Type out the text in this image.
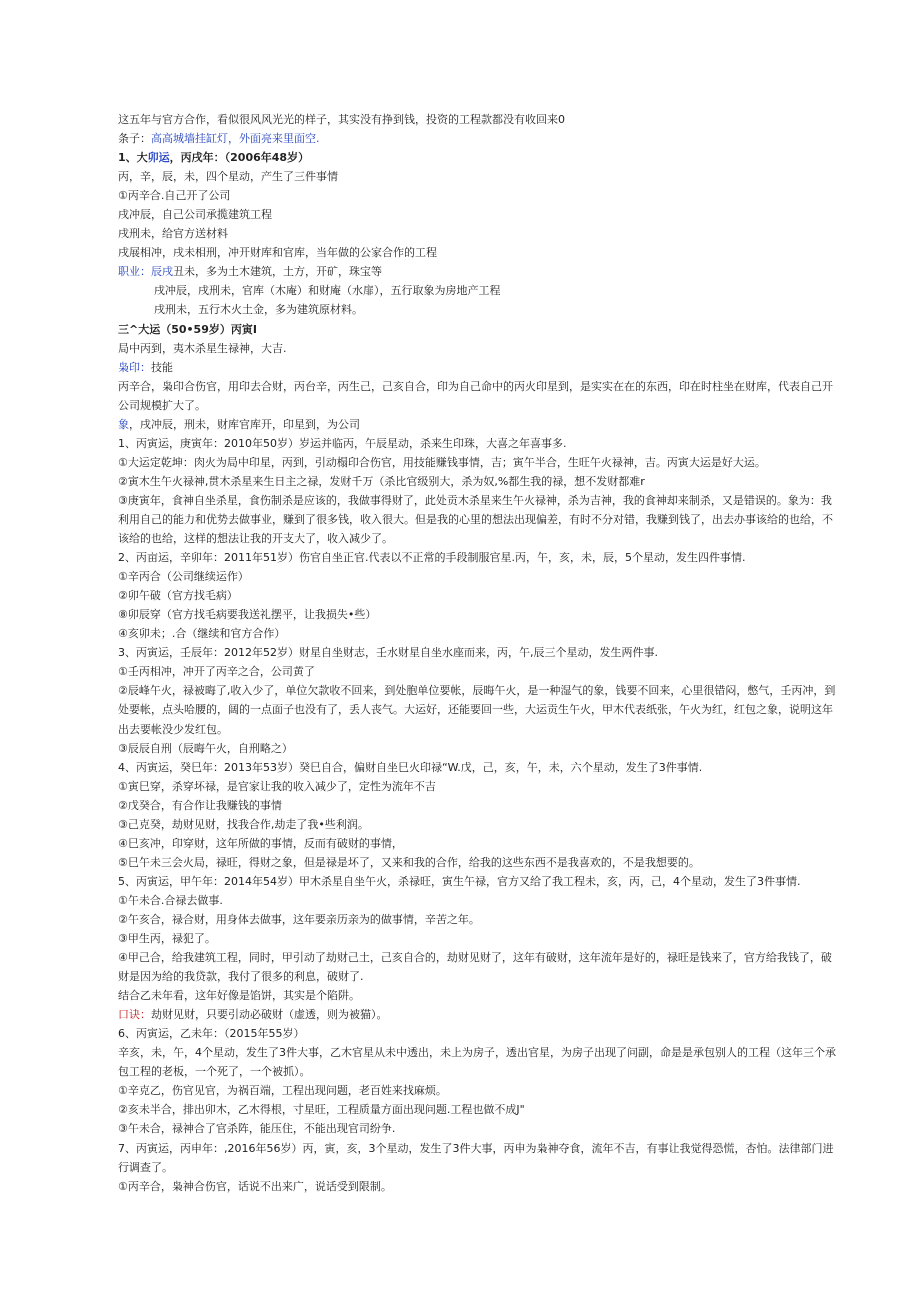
这五年与官方合作，看似很风风光光的样子，其实没有挣到钱，投资的工程款都没有收回来0
条子：高高城墙挂缸灯，外面亮来里面空.
1、大卯运，丙戌年：（2006年48岁）
丙，辛，辰，未，四个星动，产生了三件事情
①丙辛合.自己开了公司
戌冲辰，自己公司承揽建筑工程
戌刑未，给官方送材料
戌展相冲，戌未相刑，冲开财库和官库，当年做的公家合作的工程
职业：辰戌丑未，多为土木建筑，土方，开矿，珠宝等
戌冲辰，戌刑未，官库（木庵）和财庵（水扉），五行取象为房地产工程
戌刑未，五行木火土金，多为建筑原材料。
三^大运（50•59岁）丙寅I
局中丙到，夷木杀星生禄神，大吉.
枭印：技能
丙辛合，枭印合伤官，用印去合财，丙台辛，丙生己，己亥自合，印为自己命中的丙火印星到，是实实在在的东西，印在时柱坐在财库，代表自己开公司规模扩大了。
象，戌冲辰，刑未，财库官库开，印星到，为公司
1、丙寅运，庚寅年：2010年50岁）岁运并临丙，午辰星动，杀来生印珠，大喜之年喜事多.
①大运定乾坤：肉火为局中印星，丙到，引动榻印合伤官，用技能赚钱事情，吉；寅午半合，生旺午火禄神，吉。丙寅大运是好大运。
②寅木生午火禄神,贯木杀星来生日主之禄，发财千万（杀比官级别大，杀为奴,%都生我的禄，想不发财都难r
③庚寅年，食神自坐杀星，食伤制杀是应该的，我做事得财了，此处贡木杀星来生午火禄神，杀为吉神，我的食神却来制杀，又是错误的。象为：我利用自己的能力和优势去做事业，赚到了很多钱，收入很大。但是我的心里的想法出现偏差，有时不分对错，我赚到钱了，出去办事该给的也给，不该给的也给，这样的想法让我的开支大了，收入减少了。
2、丙亩运，辛卯年：2011年51岁）伤官自坐正官.代表以不正常的手段制服官星.丙，午，亥，未，辰，5个星动，发生四件事情.
①辛丙合（公司继续运作）
②卯午破（官方找毛病）
⑧卯辰穿（官方找毛病要我送礼摆平，让我损失•些）
④亥卯未；.合（继续和官方合作）
3、丙寅运，壬辰年：2012年52岁）财星自坐财志，壬水财星自坐水座而来，丙，午,辰三个星动，发生两件事.
①壬丙相冲，冲开了丙辛之合，公司黄了
②辰峰午火，禄被晦了,收入少了，单位欠款收不回来，到处胞单位要帐，辰晦午火，是一种湿气的象，钱要不回来，心里很错闷，憋气，壬丙冲，到处要帐，点头哈腰的，阔的一点面子也没有了，丢人丧气。大运好，还能要回一些，大运贡生午火，甲木代表纸张，午火为红，红包之象，说明这年出去要帐没少发红包。
③辰辰自刑（辰晦午火，自刑略之）
4、丙寅运，癸巳年：2013年53岁）癸巳自合，偏财自坐巳火印禄“W.戊，己，亥，午，未，六个星动，发生了3件事情.
①寅巳穿，杀穿坏禄，是官家让我的收入减少了，定性为流年不吉
②戊癸合，有合作让我赚钱的事情
③己克癸，劫财见财，找我合作,劫走了我•些利润。
④巳亥冲，印穿财，这年所做的事情，反而有破财的事情，
⑤巳午未三会火局，禄旺，得财之象，但是禄是坏了，又来和我的合作，给我的这些东西不是我喜欢的，不是我想要的。
5、丙寅运，甲午年：2014年54岁）甲木杀星自坐午火，杀禄旺，寅生午禄，官方又给了我工程未，亥，丙，己，4个星动，发生了3件事情.
①午未合.合禄去做事.
②午亥合，禄合财，用身体去做事，这年要亲历亲为的做事情，辛苦之年。
③甲生丙，禄犯了。
④甲己合，给我建筑工程，同时，甲引动了劫财己土，己亥自合的，劫财见财了，这年有破财，这年流年是好的，禄旺是钱来了，官方给我钱了，破财是因为给的我贷款，我付了很多的利息，破财了.
结合乙未年看，这年好像是馅饼，其实是个陷阱。
口诀：劫财见财，只要引动必破财（虚透，则为被猫）。
6、丙寅运，乙未年：（2015年55岁）
辛亥，未，午，4个星动，发生了3件大事，乙木官星从未中透出，未上为房子，透出官星，为房子出现了问副，命是是承包别人的工程（这年三个承包工程的老板，一个死了，一个被抓）。
①辛克乙，伤官见官，为祸百端，工程出现问题，老百姓来找麻烦。
②亥未半合，排出卯木，乙木得根，寸星旺，工程质量方面出现问题.工程也做不成J"
③午未合，禄神合了官杀阵，能压住，不能出现官司纷争.
7、丙寅运，丙申年：,2016年56岁）丙，寅，亥，3个星动，发生了3件大事，丙申为枭神夺食，流年不吉，有事让我觉得恐慌，杏怕。法律部门进行调查了。
①丙辛合，枭神合伤官，话说不出来广，说话受到限制。
